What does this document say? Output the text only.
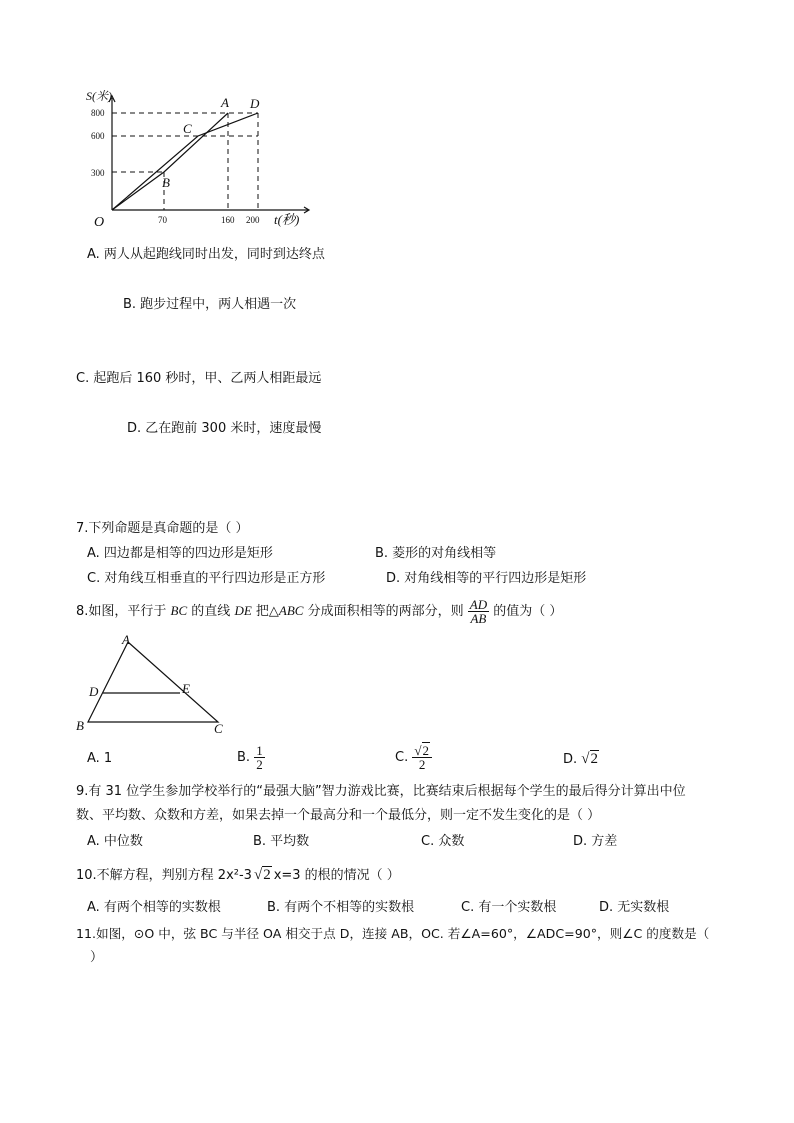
S(米)
t(秒)
O
800
600
300
70	160 200
A D
C
B
A. 两人从起跑线同时出发，同时到达终点
B. 跑步过程中，两人相遇一次
C. 起跑后 160 秒时，甲、乙两人相距最远
D. 乙在跑前 300 米时，速度最慢
7.下列命题是真命题的是（ ）
A. 四边都是相等的四边形是矩形	B. 菱形的对角线相等
C. 对角线互相垂直的平行四边形是正方形	D. 对角线相等的平行四边形是矩形
8.如图，平行于 BC 的直线 DE 把△ABC 分成面积相等的两部分，则 $\frac{AD}{AB}$ 的值为（ ）
A
D	E
B	C
A. 1	B. $\frac{1}{2}$	C. $\frac{√2}{2}$	D. √2
9.有 31 位学生参加学校举行的“最强大脑”智力游戏比赛，比赛结束后根据每个学生的最后得分计算出中位
数、平均数、众数和方差，如果去掉一个最高分和一个最低分，则一定不发生变化的是（ ）
A. 中位数	B. 平均数	C. 众数	D. 方差
10.不解方程，判别方程 2x²-3 √2 x=3 的根的情况（ ）
A. 有两个相等的实数根	B. 有两个不相等的实数根	C. 有一个实数根	D. 无实数根
11.如图，⊙O 中，弦 BC 与半径 OA 相交于点 D，连接 AB，OC. 若∠A=60°，∠ADC=90°，则∠C 的度数是（
）
